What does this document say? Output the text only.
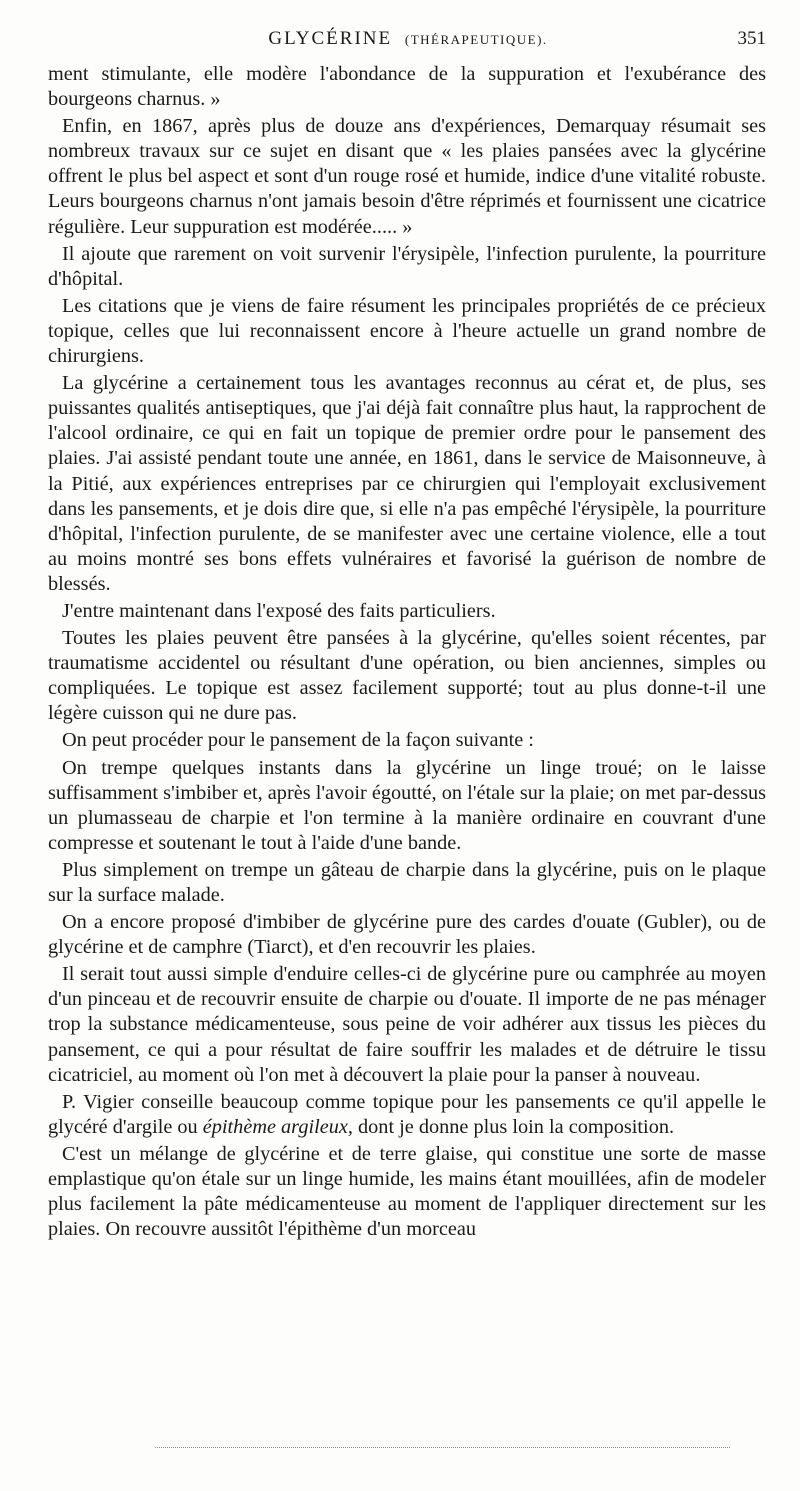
GLYCÉRINE (THÉRAPEUTIQUE).	351

ment stimulante, elle modère l'abondance de la suppuration et l'exubérance des bourgeons charnus. »

Enfin, en 1867, après plus de douze ans d'expériences, Demarquay résumait ses nombreux travaux sur ce sujet en disant que « les plaies pansées avec la glycérine offrent le plus bel aspect et sont d'un rouge rosé et humide, indice d'une vitalité robuste. Leurs bourgeons charnus n'ont jamais besoin d'être réprimés et fournissent une cicatrice régulière. Leur suppuration est modérée..... »

Il ajoute que rarement on voit survenir l'érysipèle, l'infection purulente, la pourriture d'hôpital.

Les citations que je viens de faire résument les principales propriétés de ce précieux topique, celles que lui reconnaissent encore à l'heure actuelle un grand nombre de chirurgiens.

La glycérine a certainement tous les avantages reconnus au cérat et, de plus, ses puissantes qualités antiseptiques, que j'ai déjà fait connaître plus haut, la rapprochent de l'alcool ordinaire, ce qui en fait un topique de premier ordre pour le pansement des plaies. J'ai assisté pendant toute une année, en 1861, dans le service de Maisonneuve, à la Pitié, aux expériences entreprises par ce chirurgien qui l'employait exclusivement dans les pansements, et je dois dire que, si elle n'a pas empêché l'érysipèle, la pourriture d'hôpital, l'infection purulente, de se manifester avec une certaine violence, elle a tout au moins montré ses bons effets vulnéraires et favorisé la guérison de nombre de blessés.

J'entre maintenant dans l'exposé des faits particuliers.

Toutes les plaies peuvent être pansées à la glycérine, qu'elles soient récentes, par traumatisme accidentel ou résultant d'une opération, ou bien anciennes, simples ou compliquées. Le topique est assez facilement supporté; tout au plus donne-t-il une légère cuisson qui ne dure pas.

On peut procéder pour le pansement de la façon suivante :

On trempe quelques instants dans la glycérine un linge troué; on le laisse suffisamment s'imbiber et, après l'avoir égoutté, on l'étale sur la plaie; on met par-dessus un plumasseau de charpie et l'on termine à la manière ordinaire en couvrant d'une compresse et soutenant le tout à l'aide d'une bande.

Plus simplement on trempe un gâteau de charpie dans la glycérine, puis on le plaque sur la surface malade.

On a encore proposé d'imbiber de glycérine pure des cardes d'ouate (Gubler), ou de glycérine et de camphre (Tiarct), et d'en recouvrir les plaies.

Il serait tout aussi simple d'enduire celles-ci de glycérine pure ou camphrée au moyen d'un pinceau et de recouvrir ensuite de charpie ou d'ouate. Il importe de ne pas ménager trop la substance médicamenteuse, sous peine de voir adhérer aux tissus les pièces du pansement, ce qui a pour résultat de faire souffrir les malades et de détruire le tissu cicatriciel, au moment où l'on met à découvert la plaie pour la panser à nouveau.

P. Vigier conseille beaucoup comme topique pour les pansements ce qu'il appelle le glycéré d'argile ou épithème argileux, dont je donne plus loin la composition.

C'est un mélange de glycérine et de terre glaise, qui constitue une sorte de masse emplastique qu'on étale sur un linge humide, les mains étant mouillées, afin de modeler plus facilement la pâte médicamenteuse au moment de l'appliquer directement sur les plaies. On recouvre aussitôt l'épithème d'un morceau
